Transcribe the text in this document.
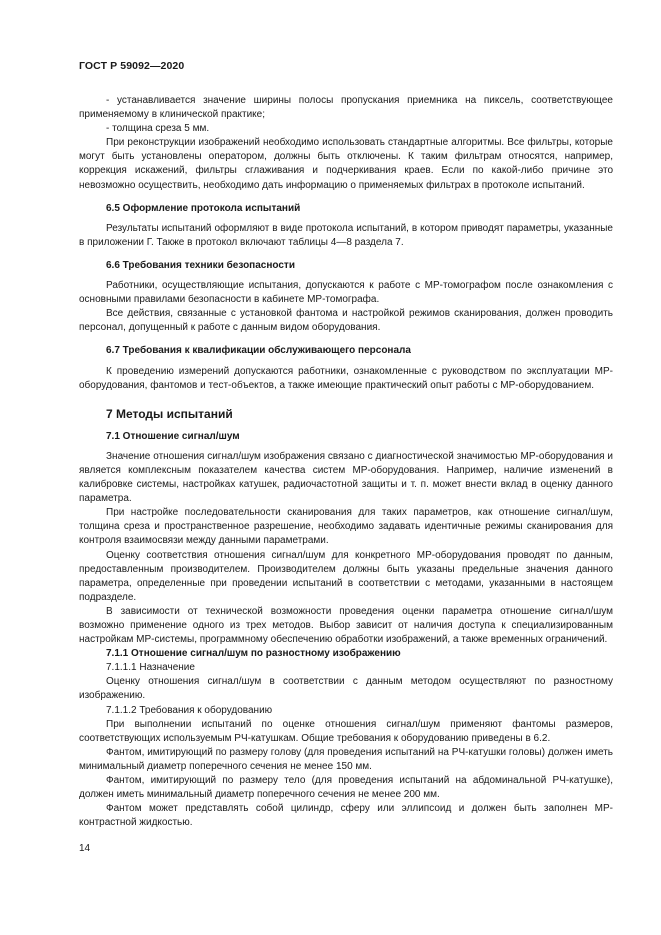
ГОСТ Р 59092—2020

- устанавливается значение ширины полосы пропускания приемника на пиксель, соответствующее применяемому в клинической практике;

- толщина среза 5 мм.

При реконструкции изображений необходимо использовать стандартные алгоритмы. Все фильтры, которые могут быть установлены оператором, должны быть отключены. К таким фильтрам относятся, например, коррекция искажений, фильтры сглаживания и подчеркивания краев. Если по какой-либо причине это невозможно осуществить, необходимо дать информацию о применяемых фильтрах в протоколе испытаний.

6.5 Оформление протокола испытаний

Результаты испытаний оформляют в виде протокола испытаний, в котором приводят параметры, указанные в приложении Г. Также в протокол включают таблицы 4—8 раздела 7.

6.6 Требования техники безопасности

Работники, осуществляющие испытания, допускаются к работе с МР-томографом после ознакомления с основными правилами безопасности в кабинете МР-томографа.

Все действия, связанные с установкой фантома и настройкой режимов сканирования, должен проводить персонал, допущенный к работе с данным видом оборудования.

6.7 Требования к квалификации обслуживающего персонала

К проведению измерений допускаются работники, ознакомленные с руководством по эксплуатации МР-оборудования, фантомов и тест-объектов, а также имеющие практический опыт работы с МР-оборудованием.

7 Методы испытаний
7.1 Отношение сигнал/шум

Значение отношения сигнал/шум изображения связано с диагностической значимостью МР-оборудования и является комплексным показателем качества систем МР-оборудования. Например, наличие изменений в калибровке системы, настройках катушек, радиочастотной защиты и т. п. может внести вклад в оценку данного параметра.

При настройке последовательности сканирования для таких параметров, как отношение сигнал/шум, толщина среза и пространственное разрешение, необходимо задавать идентичные режимы сканирования для контроля взаимосвязи между данными параметрами.

Оценку соответствия отношения сигнал/шум для конкретного МР-оборудования проводят по данным, предоставленным производителем. Производителем должны быть указаны предельные значения данного параметра, определенные при проведении испытаний в соответствии с методами, указанными в настоящем подразделе.

В зависимости от технической возможности проведения оценки параметра отношение сигнал/шум возможно применение одного из трех методов. Выбор зависит от наличия доступа к специализированным настройкам МР-системы, программному обеспечению обработки изображений, а также временных ограничений.

7.1.1 Отношение сигнал/шум по разностному изображению
7.1.1.1 Назначение

Оценку отношения сигнал/шум в соответствии с данным методом осуществляют по разностному изображению.

7.1.1.2 Требования к оборудованию

При выполнении испытаний по оценке отношения сигнал/шум применяют фантомы размеров, соответствующих используемым РЧ-катушкам. Общие требования к оборудованию приведены в 6.2.

Фантом, имитирующий по размеру голову (для проведения испытаний на РЧ-катушки головы) должен иметь минимальный диаметр поперечного сечения не менее 150 мм.

Фантом, имитирующий по размеру тело (для проведения испытаний на абдоминальной РЧ-катушке), должен иметь минимальный диаметр поперечного сечения не менее 200 мм.

Фантом может представлять собой цилиндр, сферу или эллипсоид и должен быть заполнен МР-контрастной жидкостью.

14
